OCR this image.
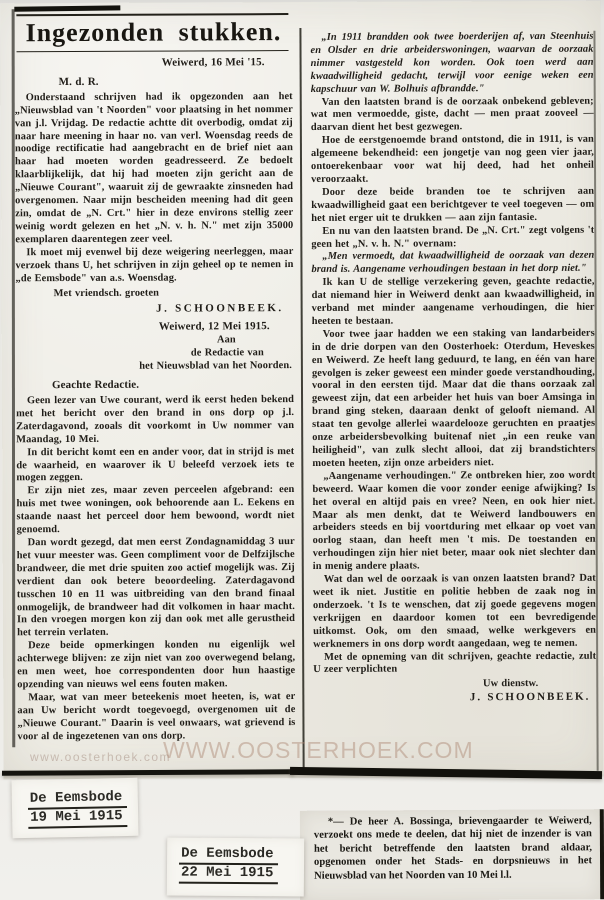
Ingezonden stukken.
Weiwerd, 16 Mei '15.
M. d. R.

Onderstaand schrijven had ik opgezonden aan het „Nieuwsblad van 't Noorden" voor plaatsing in het nommer van j.l. Vrijdag. De redactie achtte dit overbodig, omdat zij naar hare meening in haar no. van verl. Woensdag reeds de noodige rectificatie had aangebracht en de brief niet aan haar had moeten worden geadresseerd. Ze bedoelt klaarblijkelijk, dat hij had moeten zijn gericht aan de „Nieuwe Courant", waaruit zij de gewraakte zinsneden had overgenomen. Naar mijn bescheiden meening had dit geen zin, omdat de „N. Crt." hier in deze environs stellig zeer weinig wordt gelezen en het „N. v. h. N." met zijn 35000 exemplaren daarentegen zeer veel.

Ik moet mij evenwel bij deze weigering neerleggen, maar verzoek thans U, het schrijven in zijn geheel op te nemen in „de Eemsbode" van a.s. Woensdag.

Met vriendsch. groeten
J. SCHOONBEEK.
Weiwerd, 12 Mei 1915.
Aan
de Redactie van
het Nieuwsblad van het Noorden.
Geachte Redactie.

Geen lezer van Uwe courant, werd ik eerst heden bekend met het bericht over den brand in ons dorp op j.l. Zaterdagavond, zooals dit voorkomt in Uw nommer van Maandag, 10 Mei.

In dit bericht komt een en ander voor, dat in strijd is met de waarheid, en waarover ik U beleefd verzoek iets te mogen zeggen.

Er zijn niet zes, maar zeven perceelen afgebrand: een huis met twee woningen, ook behoorende aan L. Eekens en staande naast het perceel door hem bewoond, wordt niet genoemd.

Dan wordt gezegd, dat men eerst Zondagnamiddag 3 uur het vuur meester was. Geen compliment voor de Delfzijlsche brandweer, die met drie spuiten zoo actief mogelijk was. Zij verdient dan ook betere beoordeeling. Zaterdagavond tusschen 10 en 11 was uitbreiding van den brand finaal onmogelijk, de brandweer had dit volkomen in haar macht. In den vroegen morgen kon zij dan ook met alle gerustheid het terrein verlaten.

Deze beide opmerkingen konden nu eigenlijk wel achterwege blijven: ze zijn niet van zoo overwegend belang, en men weet, hoe correspondenten door hun haastige opzending van nieuws wel eens fouten maken.

Maar, wat van meer beteekenis moet heeten, is, wat er aan Uw bericht wordt toegevoegd, overgenomen uit de „Nieuwe Courant." Daarin is veel onwaars, wat grievend is voor al de ingezetenen van ons dorp.

„In 1911 brandden ook twee boerderijen af, van Steenhuis en Olsder en drie arbeiderswoningen, waarvan de oorzaak nimmer vastgesteld kon worden. Ook toen werd aan kwaadwilligheid gedacht, terwijl voor eenige weken een kapschuur van W. Bolhuis afbrandde."

Van den laatsten brand is de oorzaak onbekend gebleven; wat men vermoedde, giste, dacht — men praat zooveel — daarvan dient het best gezwegen.

Hoe de eerstgenoemde brand ontstond, die in 1911, is van algemeene bekendheid: een jongetje van nog geen vier jaar, ontoerekenbaar voor wat hij deed, had het onheil veroorzaakt.

Door deze beide branden toe te schrijven aan kwaadwilligheid gaat een berichtgever te veel toegeven — om het niet erger uit te drukken — aan zijn fantasie.

En nu van den laatsten brand. De „N. Crt." zegt volgens 't geen het „N. v. h. N." overnam:

„Men vermoedt, dat kwaadwilligheid de oorzaak van dezen brand is. Aangename verhoudingen bestaan in het dorp niet."

Ik kan U de stellige verzekering geven, geachte redactie, dat niemand hier in Weiwerd denkt aan kwaadwilligheid, in verband met minder aangename verhoudingen, die hier heeten te bestaan.

Voor twee jaar hadden we een staking van landarbeiders in de drie dorpen van den Oosterhoek: Oterdum, Heveskes en Weiwerd. Ze heeft lang geduurd, te lang, en één van hare gevolgen is zeker geweest een minder goede verstandhouding, vooral in den eersten tijd. Maar dat die thans oorzaak zal geweest zijn, dat een arbeider het huis van boer Amsinga in brand ging steken, daaraan denkt of gelooft niemand. Al staat ten gevolge allerlei waardelooze geruchten en praatjes onze arbeidersbevolking buitenaf niet „in een reuke van heiligheid", van zulk slecht allooi, dat zij brandstichters moeten heeten, zijn onze arbeiders niet.

„Aangename verhoudingen." Ze ontbreken hier, zoo wordt beweerd. Waar komen die voor zonder eenige afwijking? Is het overal en altijd pais en vree? Neen, en ook hier niet. Maar als men denkt, dat te Weiwerd landbouwers en arbeiders steeds en bij voortduring met elkaar op voet van oorlog staan, dan heeft men 't mis. De toestanden en verhoudingen zijn hier niet beter, maar ook niet slechter dan in menig andere plaats.

Wat dan wel de oorzaak is van onzen laatsten brand? Dat weet ik niet. Justitie en politie hebben de zaak nog in onderzoek. 't Is te wenschen, dat zij goede gegevens mogen verkrijgen en daardoor komen tot een bevredigende uitkomst. Ook, om den smaad, welke werkgevers en werknemers in ons dorp wordt aangedaan, weg te nemen.

Met de opneming van dit schrijven, geachte redactie, zult U zeer verplichten

Uw dienstw.
J. SCHOONBEEK.
www.oosterhoek.com
WWW.OOSTERHOEK.COM
De Eemsbode
19 Mei 1915
De Eemsbode
22 Mei 1915

*— De heer A. Bossinga, brievengaarder te Weiwerd, verzoekt ons mede te deelen, dat hij niet de inzender is van het bericht betreffende den laatsten brand aldaar, opgenomen onder het Stads- en dorpsnieuws in het Nieuwsblad van het Noorden van 10 Mei l.l.
